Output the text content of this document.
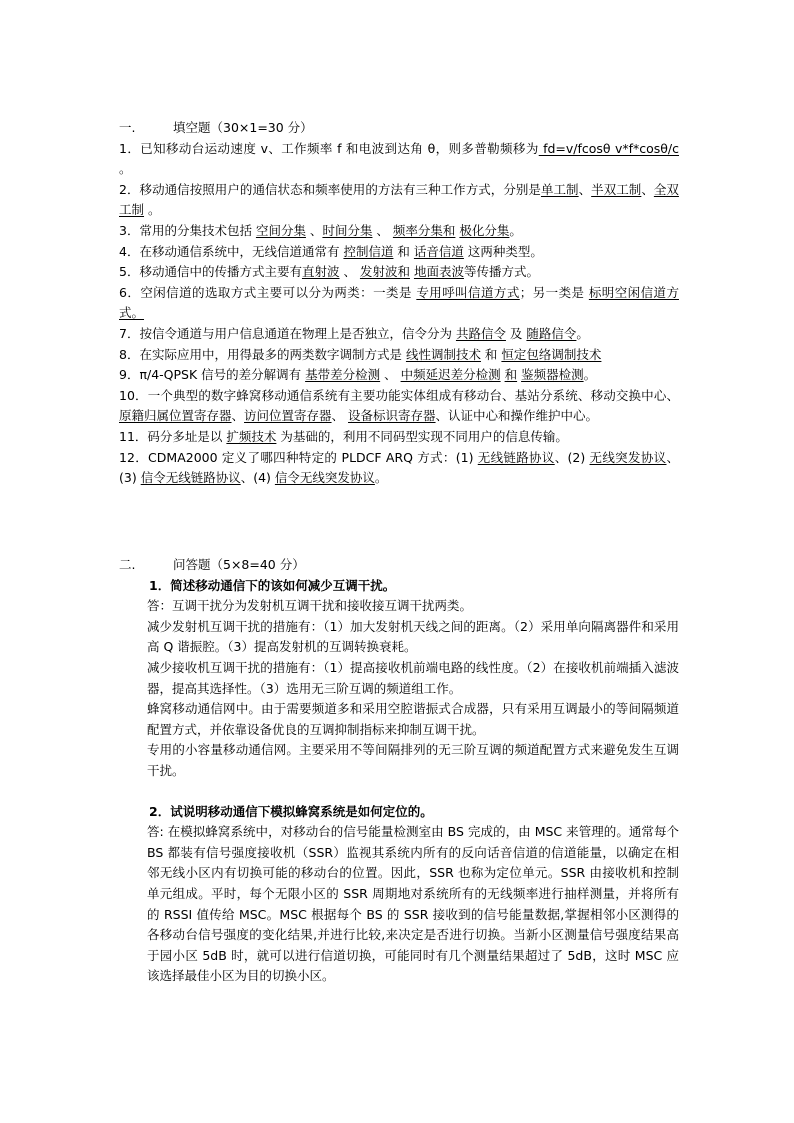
一.	填空题（30×1=30 分）

1．已知移动台运动速度 v、工作频率 f 和电波到达角 θ，则多普勒频移为 fd=v/fcosθ v*f*cosθ/c 。

2．移动通信按照用户的通信状态和频率使用的方法有三种工作方式，分别是单工制、半双工制、全双工制 。

3．常用的分集技术包括 空间分集 、时间分集 、 频率分集和 极化分集。

4．在移动通信系统中，无线信道通常有 控制信道 和 话音信道 这两种类型。

5．移动通信中的传播方式主要有直射波 、 发射波和 地面表波等传播方式。

6．空闲信道的选取方式主要可以分为两类：一类是 专用呼叫信道方式；另一类是 标明空闲信道方式。

7．按信令通道与用户信息通道在物理上是否独立，信令分为 共路信令 及 随路信令。

8．在实际应用中，用得最多的两类数字调制方式是 线性调制技术 和 恒定包络调制技术

9．π/4-QPSK 信号的差分解调有 基带差分检测 、 中频延迟差分检测 和 鉴频器检测。

10．一个典型的数字蜂窝移动通信系统有主要功能实体组成有移动台、基站分系统、移动交换中心、原籍归属位置寄存器、访问位置寄存器、 设备标识寄存器、认证中心和操作维护中心。

11．码分多址是以 扩频技术 为基础的，利用不同码型实现不同用户的信息传输。

12．CDMA2000 定义了哪四种特定的 PLDCF ARQ 方式：(1) 无线链路协议、(2) 无线突发协议、(3) 信令无线链路协议、(4) 信令无线突发协议。

二.	问答题（5×8=40 分）

1．简述移动通信下的该如何减少互调干扰。

答：互调干扰分为发射机互调干扰和接收接互调干扰两类。

减少发射机互调干扰的措施有：（1）加大发射机天线之间的距离。（2）采用单向隔离器件和采用高 Q 谐振腔。（3）提高发射机的互调转换衰耗。

减少接收机互调干扰的措施有：（1）提高接收机前端电路的线性度。（2）在接收机前端插入滤波器，提高其选择性。（3）选用无三阶互调的频道组工作。

蜂窝移动通信网中。由于需要频道多和采用空腔谐振式合成器，只有采用互调最小的等间隔频道配置方式，并依靠设备优良的互调抑制指标来抑制互调干扰。

专用的小容量移动通信网。主要采用不等间隔排列的无三阶互调的频道配置方式来避免发生互调干扰。

2．试说明移动通信下模拟蜂窝系统是如何定位的。

答: 在模拟蜂窝系统中，对移动台的信号能量检测室由 BS 完成的，由 MSC 来管理的。通常每个 BS 都装有信号强度接收机（SSR）监视其系统内所有的反向话音信道的信道能量，以确定在相邻无线小区内有切换可能的移动台的位置。因此，SSR 也称为定位单元。SSR 由接收机和控制单元组成。平时，每个无限小区的 SSR 周期地对系统所有的无线频率进行抽样测量，并将所有的 RSSI 值传给 MSC。MSC 根据每个 BS 的 SSR 接收到的信号能量数据,掌握相邻小区测得的各移动台信号强度的变化结果,并进行比较,来决定是否进行切换。当新小区测量信号强度结果高于园小区 5dB 时，就可以进行信道切换，可能同时有几个测量结果超过了 5dB，这时 MSC 应该选择最佳小区为目的切换小区。
